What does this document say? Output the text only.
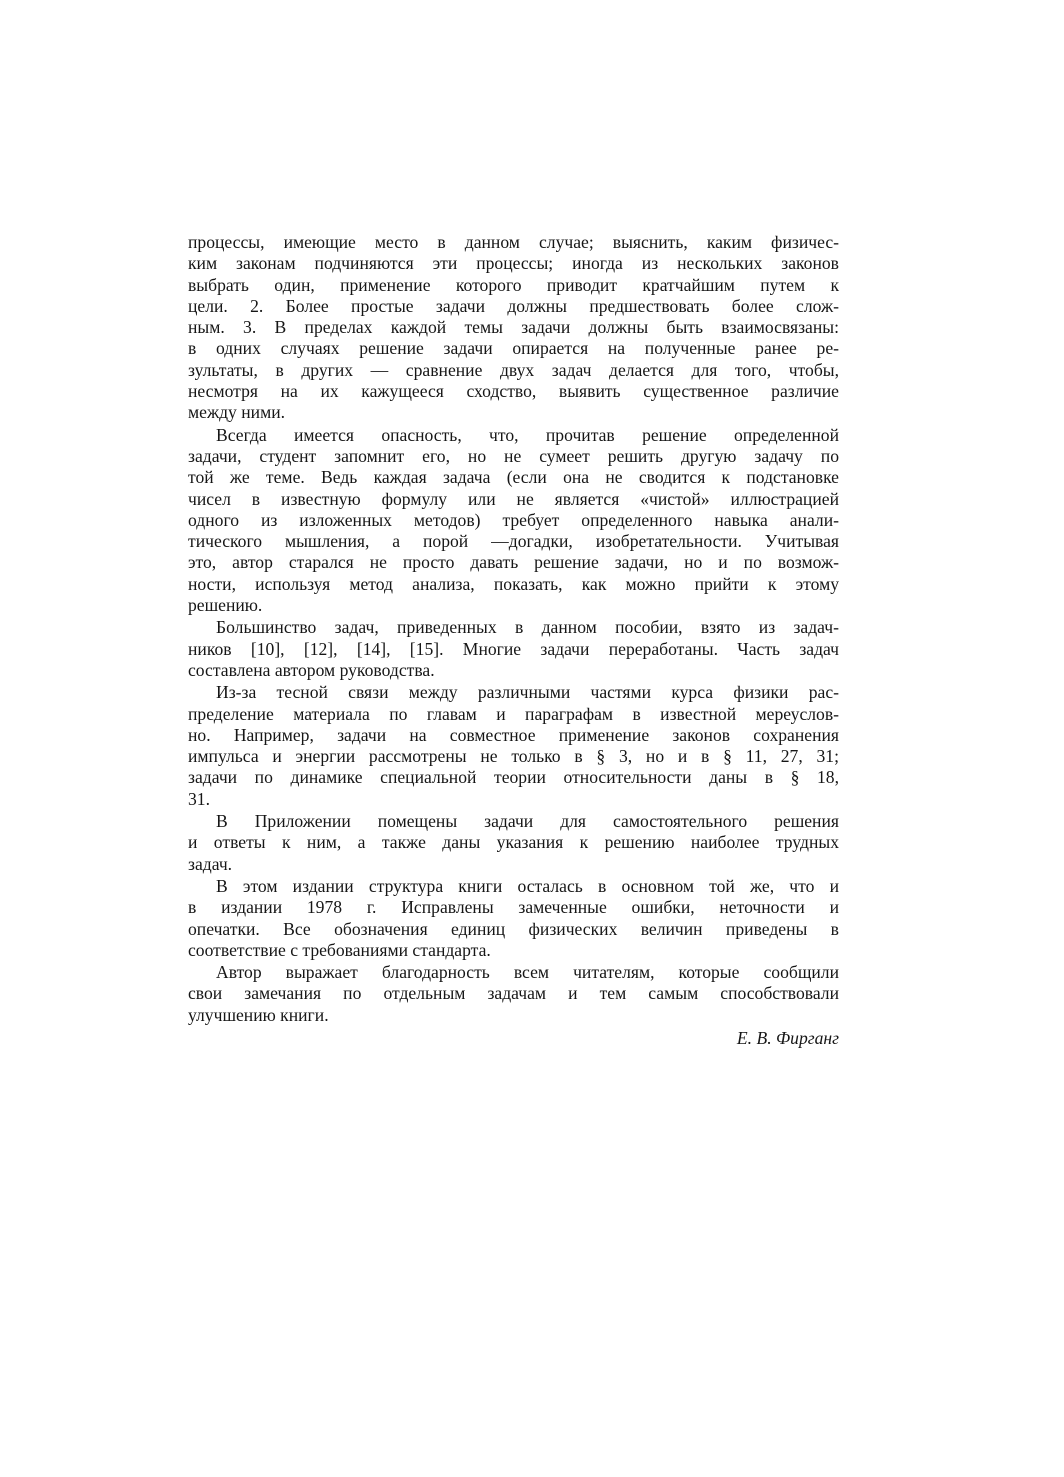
процессы, имеющие место в данном случае; выяснить, каким физичес-
ким законам подчиняются эти процессы; иногда из нескольких законов
выбрать один, применение которого приводит кратчайшим путем к
цели. 2. Более простые задачи должны предшествовать более слож-
ным. 3. В пределах каждой темы задачи должны быть взаимосвязаны:
в одних случаях решение задачи опирается на полученные ранее ре-
зультаты, в других — сравнение двух задач делается для того, чтобы,
несмотря на их кажущееся сходство, выявить существенное различие
между ними.
Всегда имеется опасность, что, прочитав решение определенной
задачи, студент запомнит его, но не сумеет решить другую задачу по
той же теме. Ведь каждая задача (если она не сводится к подстановке
чисел в известную формулу или не является «чистой» иллюстрацией
одного из изложенных методов) требует определенного навыка анали-
тического мышления, а порой —догадки, изобретательности. Учитывая
это, автор старался не просто давать решение задачи, но и по возмож-
ности, используя метод анализа, показать, как можно прийти к этому
решению.
Большинство задач, приведенных в данном пособии, взято из задач-
ников [10], [12], [14], [15]. Многие задачи переработаны. Часть задач
составлена автором руководства.
Из-за тесной связи между различными частями курса физики рас-
пределение материала по главам и параграфам в известной мереуслов-
но. Например, задачи на совместное применение законов сохранения
импульса и энергии рассмотрены не только в § 3, но и в § 11, 27, 31;
задачи по динамике специальной теории относительности даны в § 18,
31.
В Приложении помещены задачи для самостоятельного решения
и ответы к ним, а также даны указания к решению наиболее трудных
задач.
В этом издании структура книги осталась в основном той же, что и
в издании 1978 г. Исправлены замеченные ошибки, неточности и
опечатки. Все обозначения единиц физических величин приведены в
соответствие с требованиями стандарта.
Автор выражает благодарность всем читателям, которые сообщили
свои замечания по отдельным задачам и тем самым способствовали
улучшению книги.
Е. В. Фирганг
